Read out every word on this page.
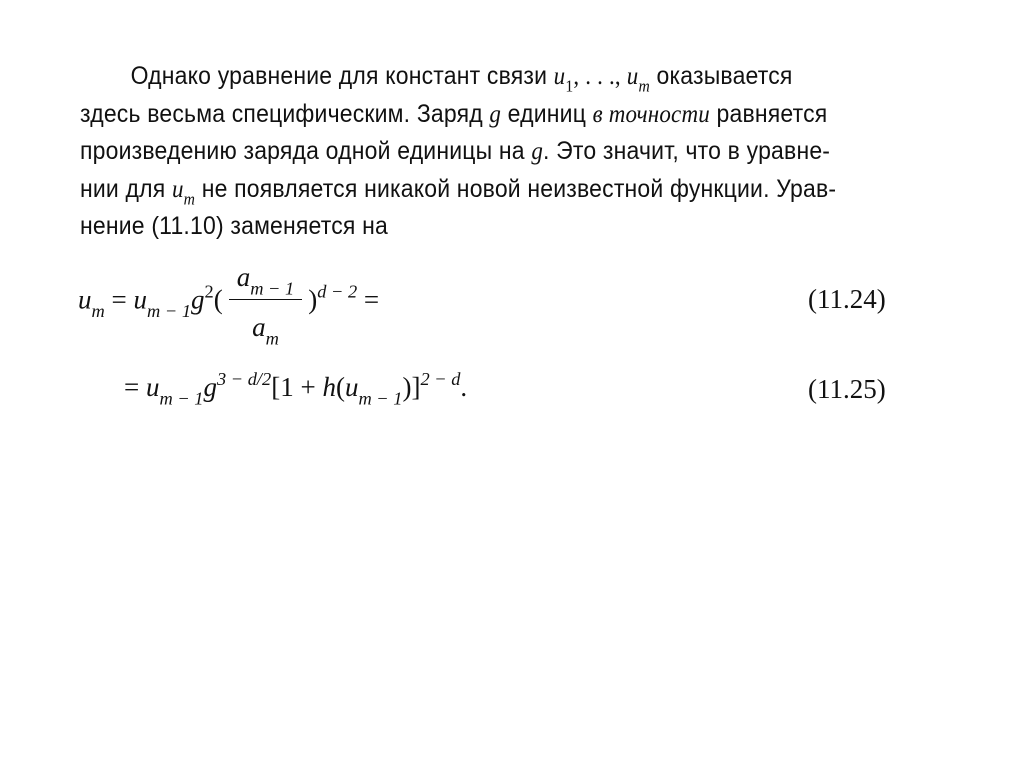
Однако уравнение для констант связи $u_1$, . . ., $u_m$ оказывается
здесь весьма специфическим. Заряд g единиц в точности равняется
произведению заряда одной единицы на g. Это значит, что в уравне-
нии для $u_m$ не появляется никакой новой неизвестной функции. Урав-
нение (11.10) заменяется на
$u_m = u_{m - 1}g^2( \frac{a_{m - 1}}{a_m} )^{d - 2}$ =	(11.24)
= $u_{m - 1}g^{3 - d/2}[1 + h(u_{m - 1})]^{2 - d}$.	(11.25)
